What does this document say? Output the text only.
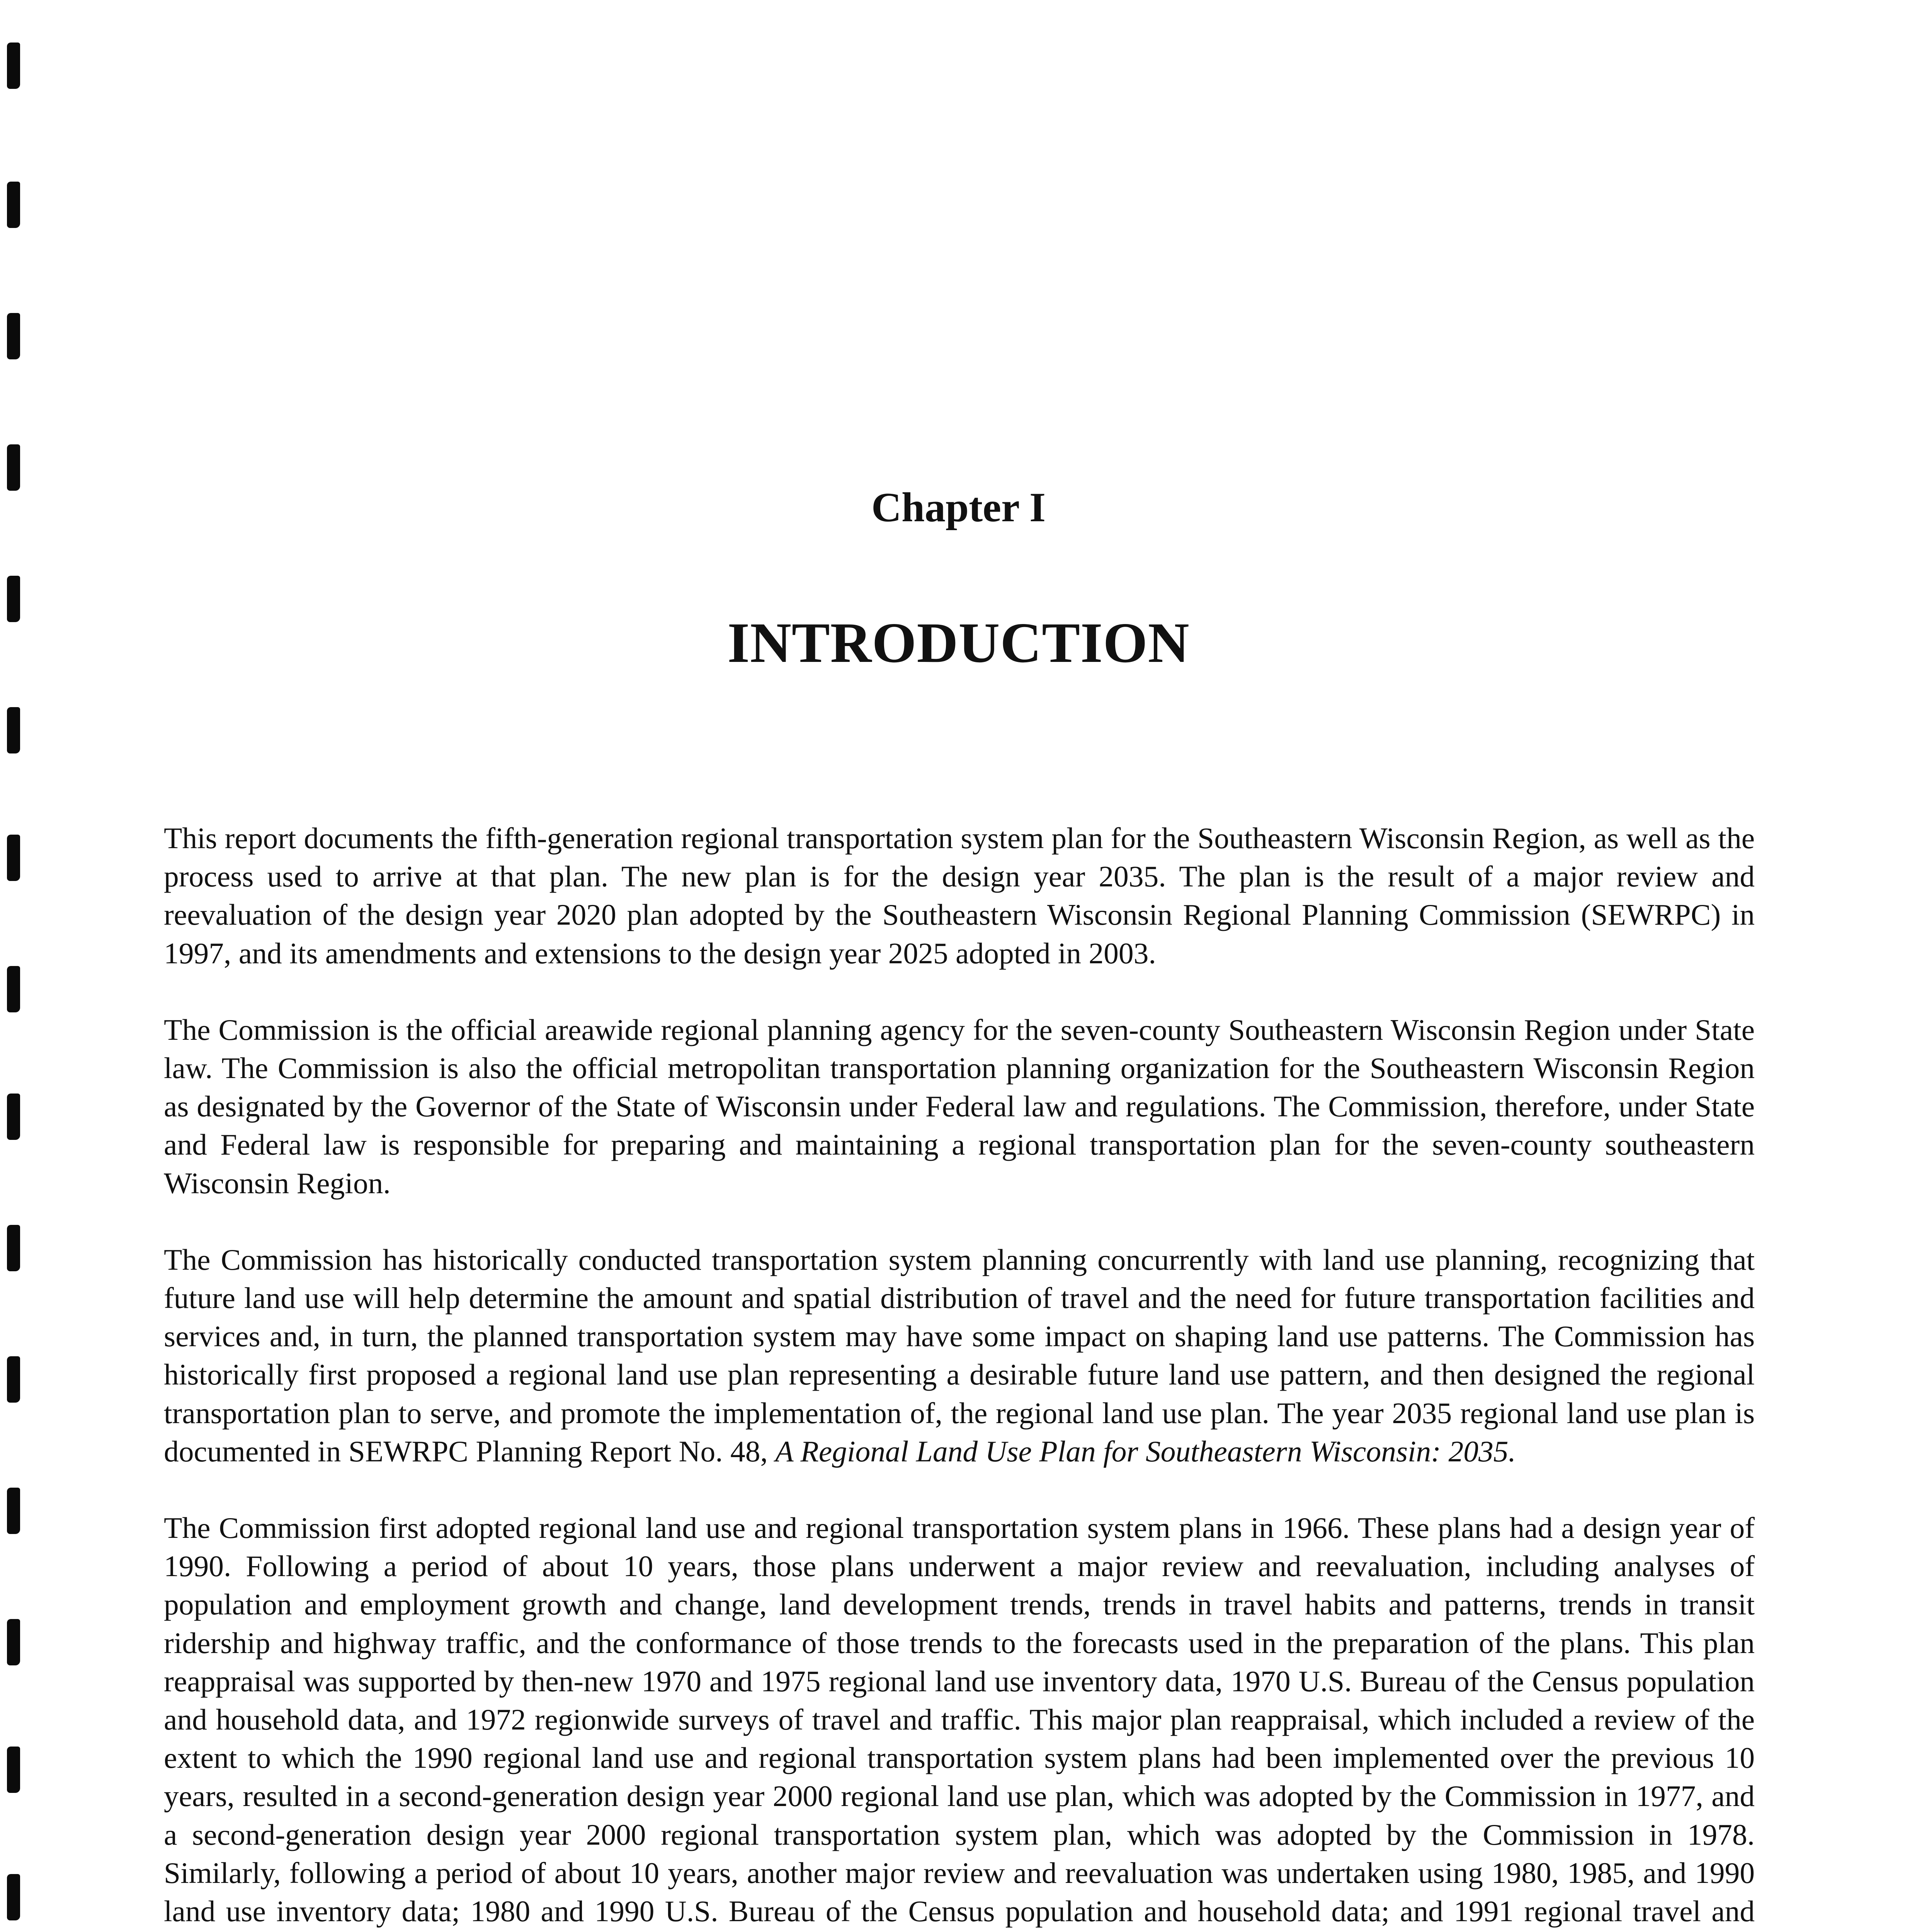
Chapter I
INTRODUCTION

This report documents the fifth-generation regional transportation system plan for the Southeastern Wisconsin Region, as well as the process used to arrive at that plan. The new plan is for the design year 2035. The plan is the result of a major review and reevaluation of the design year 2020 plan adopted by the Southeastern Wisconsin Regional Planning Commission (SEWRPC) in 1997, and its amendments and extensions to the design year 2025 adopted in 2003.

The Commission is the official areawide regional planning agency for the seven-county Southeastern Wisconsin Region under State law. The Commission is also the official metropolitan transportation planning organization for the Southeastern Wisconsin Region as designated by the Governor of the State of Wisconsin under Federal law and regulations. The Commission, therefore, under State and Federal law is responsible for preparing and maintaining a regional transportation plan for the seven-county southeastern Wisconsin Region.

The Commission has historically conducted transportation system planning concurrently with land use planning, recognizing that future land use will help determine the amount and spatial distribution of travel and the need for future transportation facilities and services and, in turn, the planned transportation system may have some impact on shaping land use patterns. The Commission has historically first proposed a regional land use plan representing a desirable future land use pattern, and then designed the regional transportation plan to serve, and promote the implementation of, the regional land use plan. The year 2035 regional land use plan is documented in SEWRPC Planning Report No. 48, A Regional Land Use Plan for Southeastern Wisconsin: 2035.

The Commission first adopted regional land use and regional transportation system plans in 1966. These plans had a design year of 1990. Following a period of about 10 years, those plans underwent a major review and reevaluation, including analyses of population and employment growth and change, land development trends, trends in travel habits and patterns, trends in transit ridership and highway traffic, and the conformance of those trends to the forecasts used in the preparation of the plans. This plan reappraisal was supported by then-new 1970 and 1975 regional land use inventory data, 1970 U.S. Bureau of the Census population and household data, and 1972 regionwide surveys of travel and traffic. This major plan reappraisal, which included a review of the extent to which the 1990 regional land use and regional transportation system plans had been implemented over the previous 10 years, resulted in a second-generation design year 2000 regional land use plan, which was adopted by the Commission in 1977, and a second-generation design year 2000 regional transportation system plan, which was adopted by the Commission in 1978. Similarly, following a period of about 10 years, another major review and reevaluation was undertaken using 1980, 1985, and 1990 land use inventory data; 1980 and 1990 U.S. Bureau of the Census population and household data; and 1991 regional travel and
